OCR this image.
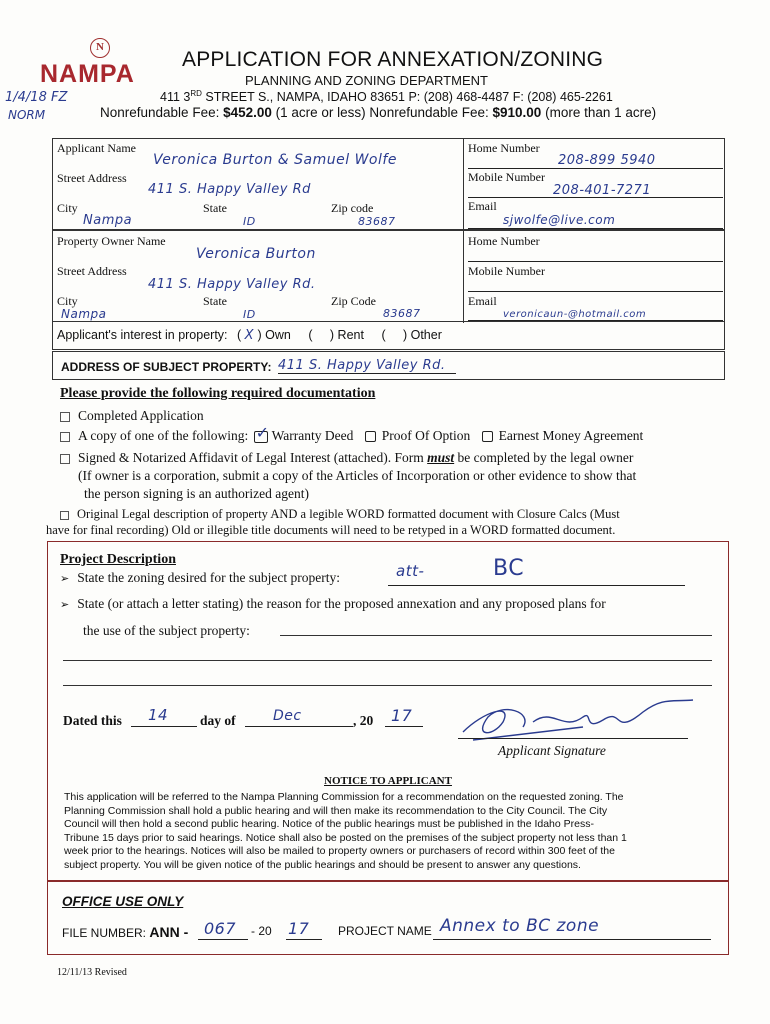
N
NAMPA
1/4/18 FZ
NORM
APPLICATION FOR ANNEXATION/ZONING
PLANNING AND ZONING DEPARTMENT
411 3RD STREET S., NAMPA, IDAHO 83651 P: (208) 468-4487 F: (208) 465-2261
Nonrefundable Fee: $452.00 (1 acre or less) Nonrefundable Fee: $910.00 (more than 1 acre)
Applicant Name
Veronica Burton & Samuel Wolfe
Street Address
411 S. Happy Valley Rd
City	State	Zip code
Nampa	ID	83687
Home Number
208-899 5940
Mobile Number
208-401-7271
Email
sjwolfe@live.com
Property Owner Name
Veronica Burton
Street Address
411 S. Happy Valley Rd.
City	State	Zip Code
Nampa	ID	83687
Home Number
Mobile Number
Email
veronicaun-@hotmail.com
Applicant's interest in property: ( X ) Own (     ) Rent (     ) Other
ADDRESS OF SUBJECT PROPERTY: 411 S. Happy Valley Rd.
Please provide the following required documentation
Completed Application
A copy of one of the following: ✓ Warranty Deed Proof Of Option Earnest Money Agreement
Signed & Notarized Affidavit of Legal Interest (attached). Form must be completed by the legal owner
(If owner is a corporation, submit a copy of the Articles of Incorporation or other evidence to show that
the person signing is an authorized agent)
Original Legal description of property AND a legible WORD formatted document with Closure Calcs (Must
have for final recording) Old or illegible title documents will need to be retyped in a WORD formatted document.
Project Description
➢ State the zoning desired for the subject property:	att-	BC
➢ State (or attach a letter stating) the reason for the proposed annexation and any proposed plans for
the use of the subject property:
Dated this 14 day of	Dec	, 20 17
Applicant Signature
NOTICE TO APPLICANT
This application will be referred to the Nampa Planning Commission for a recommendation on the requested zoning. The
Planning Commission shall hold a public hearing and will then make its recommendation to the City Council. The City
Council will then hold a second public hearing. Notice of the public hearings must be published in the Idaho Press-
Tribune 15 days prior to said hearings. Notice shall also be posted on the premises of the subject property not less than 1
week prior to the hearings. Notices will also be mailed to property owners or purchasers of record within 300 feet of the
subject property. You will be given notice of the public hearings and should be present to answer any questions.
OFFICE USE ONLY
FILE NUMBER: ANN - 067 - 20 17 PROJECT NAME Annex to BC zone
12/11/13 Revised
